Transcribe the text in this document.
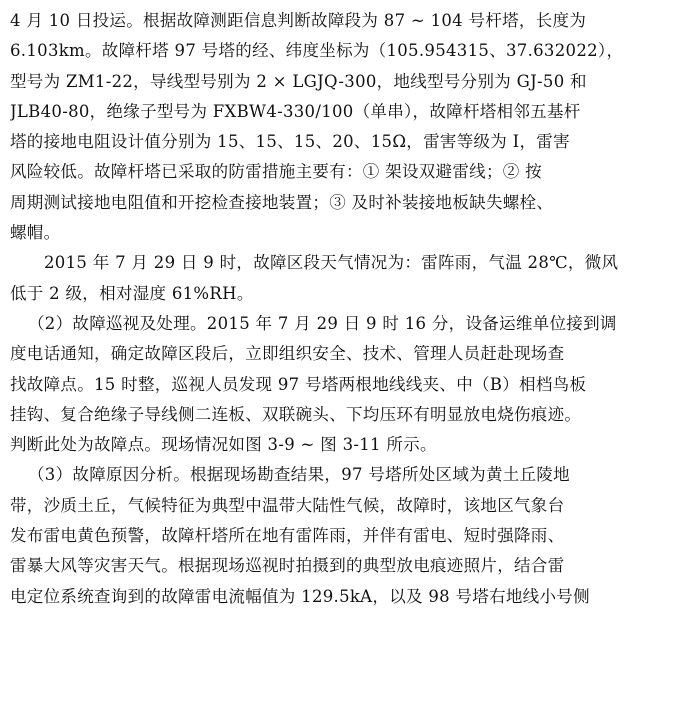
4 月 10 日投运。根据故障测距信息判断故障段为 87 ~ 104 号杆塔，长度为
6.103km。故障杆塔 97 号塔的经、纬度坐标为（105.954315、37.632022），
型号为 ZM1-22，导线型号别为 2 × LGJQ-300，地线型号分别为 GJ-50 和
JLB40-80，绝缘子型号为 FXBW4-330/100（单串），故障杆塔相邻五基杆
塔的接地电阻设计值分别为 15、15、15、20、15Ω，雷害等级为 Ⅰ，雷害
风险较低。故障杆塔已采取的防雷措施主要有：① 架设双避雷线；② 按
周期测试接地电阻值和开挖检查接地装置；③ 及时补装接地板缺失螺栓、
螺帽。
2015 年 7 月 29 日 9 时，故障区段天气情况为：雷阵雨，气温 28℃，微风
低于 2 级，相对湿度 61%RH。
（2）故障巡视及处理。2015 年 7 月 29 日 9 时 16 分，设备运维单位接到调
度电话通知，确定故障区段后，立即组织安全、技术、管理人员赶赴现场查
找故障点。15 时整，巡视人员发现 97 号塔两根地线线夹、中（B）相档鸟板
挂钩、复合绝缘子导线侧二连板、双联碗头、下均压环有明显放电烧伤痕迹。
判断此处为故障点。现场情况如图 3-9 ~ 图 3-11 所示。
（3）故障原因分析。根据现场勘查结果，97 号塔所处区域为黄土丘陵地
带，沙质土丘，气候特征为典型中温带大陆性气候，故障时，该地区气象台
发布雷电黄色预警，故障杆塔所在地有雷阵雨，并伴有雷电、短时强降雨、
雷暴大风等灾害天气。根据现场巡视时拍摄到的典型放电痕迹照片，结合雷
电定位系统查询到的故障雷电流幅值为 129.5kA，以及 98 号塔右地线小号侧
